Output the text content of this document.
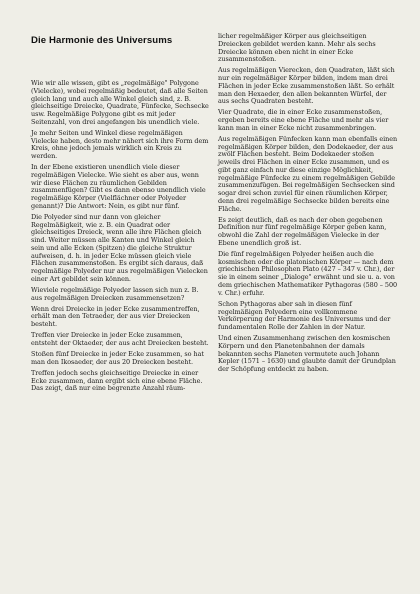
Die Harmonie des Universums

Wie wir alle wissen, gibt es „regelmäßige" Polygone (Vielecke), wobei regelmäßig bedeutet, daß alle Seiten gleich lang und auch alle Winkel gleich sind, z. B. gleichseitige Dreiecke, Quadrate, Fünfecke, Sechsecke usw. Regelmäßige Polygone gibt es mit jeder Seitenzahl, von drei angefangen bis unendlich viele.

Je mehr Seiten und Winkel diese regelmäßigen Vielecke haben, desto mehr nähert sich ihre Form dem Kreis, ohne jedoch jemals wirklich ein Kreis zu werden.

In der Ebene existieren unendlich viele dieser regelmäßigen Vielecke. Wie sieht es aber aus, wenn wir diese Flächen zu räumlichen Gebilden zusammenfügen? Gibt es dann ebenso unendlich viele regelmäßige Körper (Vielflächner oder Polyeder genannt)? Die Antwort: Nein, es gibt nur fünf.

Die Polyeder sind nur dann von gleicher Regelmäßigkeit, wie z. B. ein Quadrat oder gleichseitiges Dreieck, wenn alle ihre Flächen gleich sind. Weiter müssen alle Kanten und Winkel gleich sein und alle Ecken (Spitzen) die gleiche Struktur aufweisen, d. h. in jeder Ecke müssen gleich viele Flächen zusammenstoßen. Es ergibt sich daraus, daß regelmäßige Polyeder nur aus regelmäßigen Vielecken einer Art gebildet sein können.

Wieviele regelmäßige Polyeder lassen sich nun z. B. aus regelmäßigen Dreiecken zusammensetzen?

Wenn drei Dreiecke in jeder Ecke zusammentreffen, erhält man den Tetraeder, der aus vier Dreiecken besteht.

Treffen vier Dreiecke in jeder Ecke zusammen, entsteht der Oktaeder, der aus acht Dreiecken besteht.

Stoßen fünf Dreiecke in jeder Ecke zusammen, so hat man den Ikosaeder, der aus 20 Dreiecken besteht.

Treffen jedoch sechs gleichseitige Dreiecke in einer Ecke zusammen, dann ergibt sich eine ebene Fläche. Das zeigt, daß nur eine begrenzte Anzahl räum-

licher regelmäßiger Körper aus gleichseitigen Dreiecken gebildet werden kann. Mehr als sechs Dreiecke können eben nicht in einer Ecke zusammenstoßen.

Aus regelmäßigen Vierecken, den Quadraten, läßt sich nur ein regelmäßiger Körper bilden, indem man drei Flächen in jeder Ecke zusammenstoßen läßt. So erhält man den Hexaeder, den allen bekannten Würfel, der aus sechs Quadraten besteht.

Vier Quadrate, die in einer Ecke zusammenstoßen, ergeben bereits eine ebene Fläche und mehr als vier kann man in einer Ecke nicht zusammenbringen.

Aus regelmäßigen Fünfecken kann man ebenfalls einen regelmäßigen Körper bilden, den Dodekaeder, der aus zwölf Flächen besteht. Beim Dodekaeder stoßen jeweils drei Flächen in einer Ecke zusammen, und es gibt ganz einfach nur diese einzige Möglichkeit, regelmäßige Fünfecke zu einem regelmäßigen Gebilde zusammenzufügen. Bei regelmäßigen Sechsecken sind sogar drei schon zuviel für einen räumlichen Körper, denn drei regelmäßige Sechsecke bilden bereits eine Fläche.

Es zeigt deutlich, daß es nach der oben gegebenen Definition nur fünf regelmäßige Körper geben kann, obwohl die Zahl der regelmäßigen Vielecke in der Ebene unendlich groß ist.

Die fünf regelmäßigen Polyeder heißen auch die kosmischen oder die platonischen Körper — nach dem griechischen Philosophen Plato (427 – 347 v. Chr.), der sie in einem seiner „Dialoge" erwähnt und sie u. a. von dem griechischen Mathematiker Pythagoras (580 – 500 v. Chr.) erfuhr.

Schon Pythagoras aber sah in diesen fünf regelmäßigen Polyedern eine vollkommene Verkörperung der Harmonie des Universums und der fundamentalen Rolle der Zahlen in der Natur.

Und einen Zusammenhang zwischen den kosmischen Körpern und den Planetenbahnen der damals bekannten sechs Planeten vermutete auch Johann Kepler (1571 – 1630) und glaubte damit der Grundplan der Schöpfung entdeckt zu haben.
